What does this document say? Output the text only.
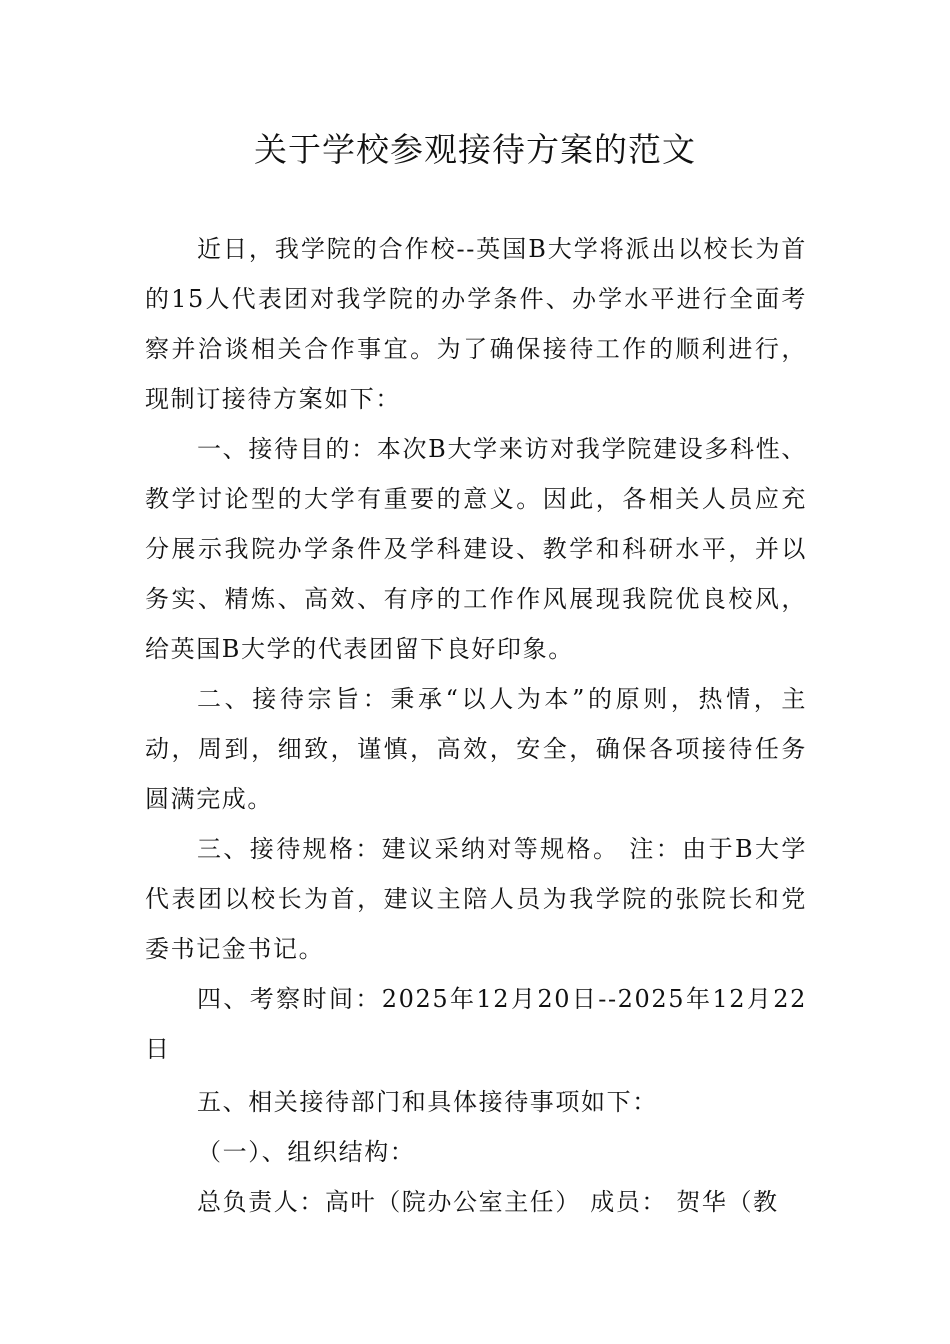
关于学校参观接待方案的范文

近日，我学院的合作校--英国B大学将派出以校长为首的15人代表团对我学院的办学条件、办学水平进行全面考察并洽谈相关合作事宜。为了确保接待工作的顺利进行，现制订接待方案如下：

一、接待目的：本次B大学来访对我学院建设多科性、教学讨论型的大学有重要的意义。因此，各相关人员应充分展示我院办学条件及学科建设、教学和科研水平，并以务实、精炼、高效、有序的工作作风展现我院优良校风，给英国B大学的代表团留下良好印象。

二、接待宗旨：秉承“以人为本”的原则，热情，主动，周到，细致，谨慎，高效，安全，确保各项接待任务圆满完成。

三、接待规格：建议采纳对等规格。 注：由于B大学代表团以校长为首，建议主陪人员为我学院的张院长和党委书记金书记。

四、考察时间：2025年12月20日--2025年12月22日

五、相关接待部门和具体接待事项如下：

（一）、组织结构：

总负责人：高叶（院办公室主任） 成员： 贺华（教
